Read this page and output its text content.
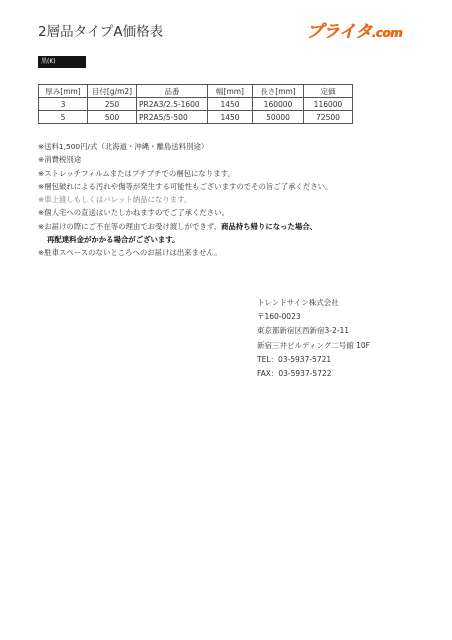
2層品タイプA価格表	プライタ.com
黒(K)
厚み[mm]	目付[g/m2]	品番	幅[mm]	長さ[mm]	定価
3	250	PR2A3/2.5-1600	1450	160000	116000
5	500	PR2A5/5-500	1450	50000	72500
※送料1,500円/式（北海道・沖縄・離島送料別途）
※消費税別途
※ストレッチフィルムまたはプチプチでの梱包になります。
※梱包破れによる汚れや傷等が発生する可能性もございますのでその旨ご了承ください。
※車上渡しもしくはパレット納品になります。
※個人宅への直送はいたしかねますのでご了承ください。
※お届けの際にご不在等の理由でお受け渡しができず、商品持ち帰りになった場合、
再配達料金がかかる場合がございます。
※駐車スペースのないところへのお届けは出来ません。
トレンドサイン株式会社
〒160-0023
東京都新宿区西新宿3-2-11
新宿三井ビルディング二号館 10F
TEL：03-5937-5721
FAX：03-5937-5722
